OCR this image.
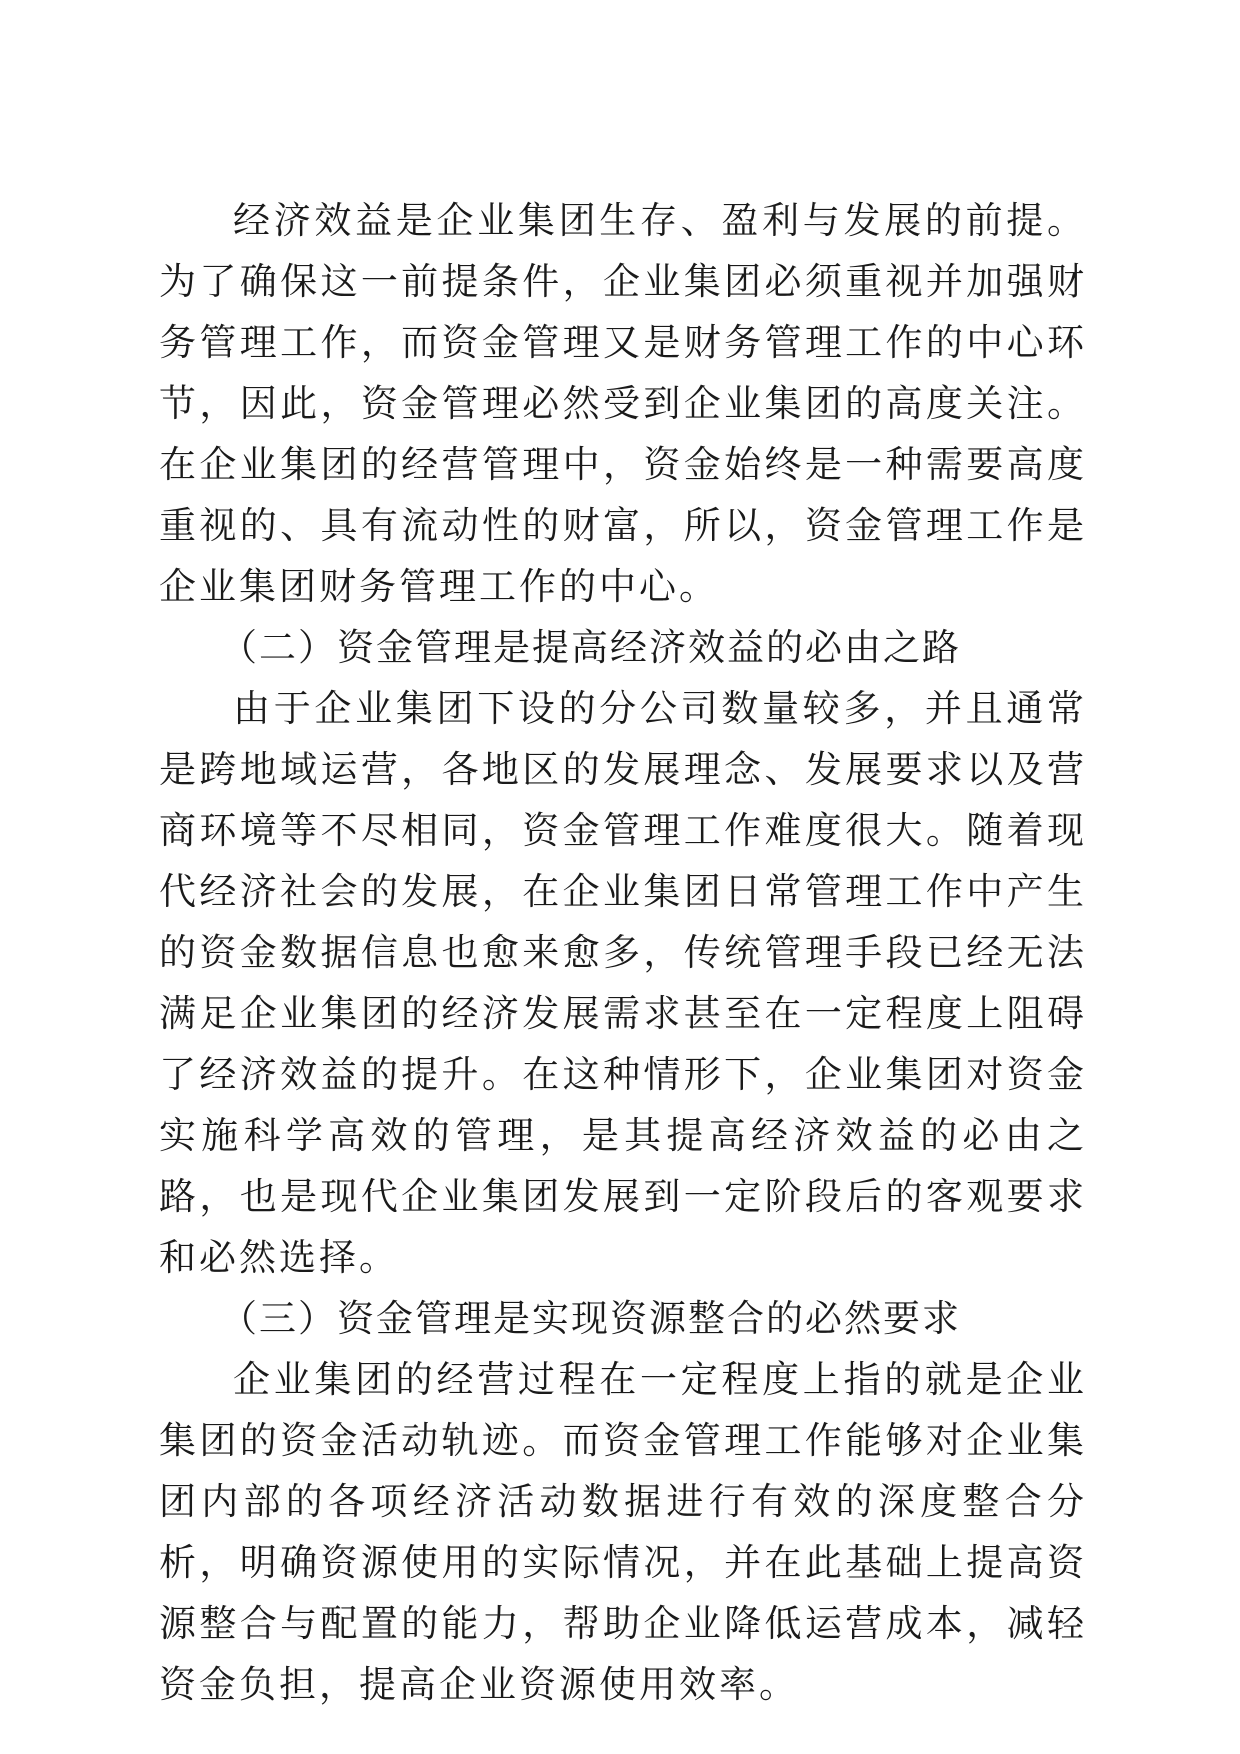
经济效益是企业集团生存、盈利与发展的前提。为了确保这一前提条件，企业集团必须重视并加强财务管理工作，而资金管理又是财务管理工作的中心环节，因此，资金管理必然受到企业集团的高度关注。在企业集团的经营管理中，资金始终是一种需要高度重视的、具有流动性的财富，所以，资金管理工作是企业集团财务管理工作的中心。

（二）资金管理是提高经济效益的必由之路

由于企业集团下设的分公司数量较多，并且通常是跨地域运营，各地区的发展理念、发展要求以及营商环境等不尽相同，资金管理工作难度很大。随着现代经济社会的发展，在企业集团日常管理工作中产生的资金数据信息也愈来愈多，传统管理手段已经无法满足企业集团的经济发展需求甚至在一定程度上阻碍了经济效益的提升。在这种情形下，企业集团对资金实施科学高效的管理，是其提高经济效益的必由之路，也是现代企业集团发展到一定阶段后的客观要求和必然选择。

（三）资金管理是实现资源整合的必然要求

企业集团的经营过程在一定程度上指的就是企业集团的资金活动轨迹。而资金管理工作能够对企业集团内部的各项经济活动数据进行有效的深度整合分析，明确资源使用的实际情况，并在此基础上提高资源整合与配置的能力，帮助企业降低运营成本，减轻资金负担，提高企业资源使用效率。
